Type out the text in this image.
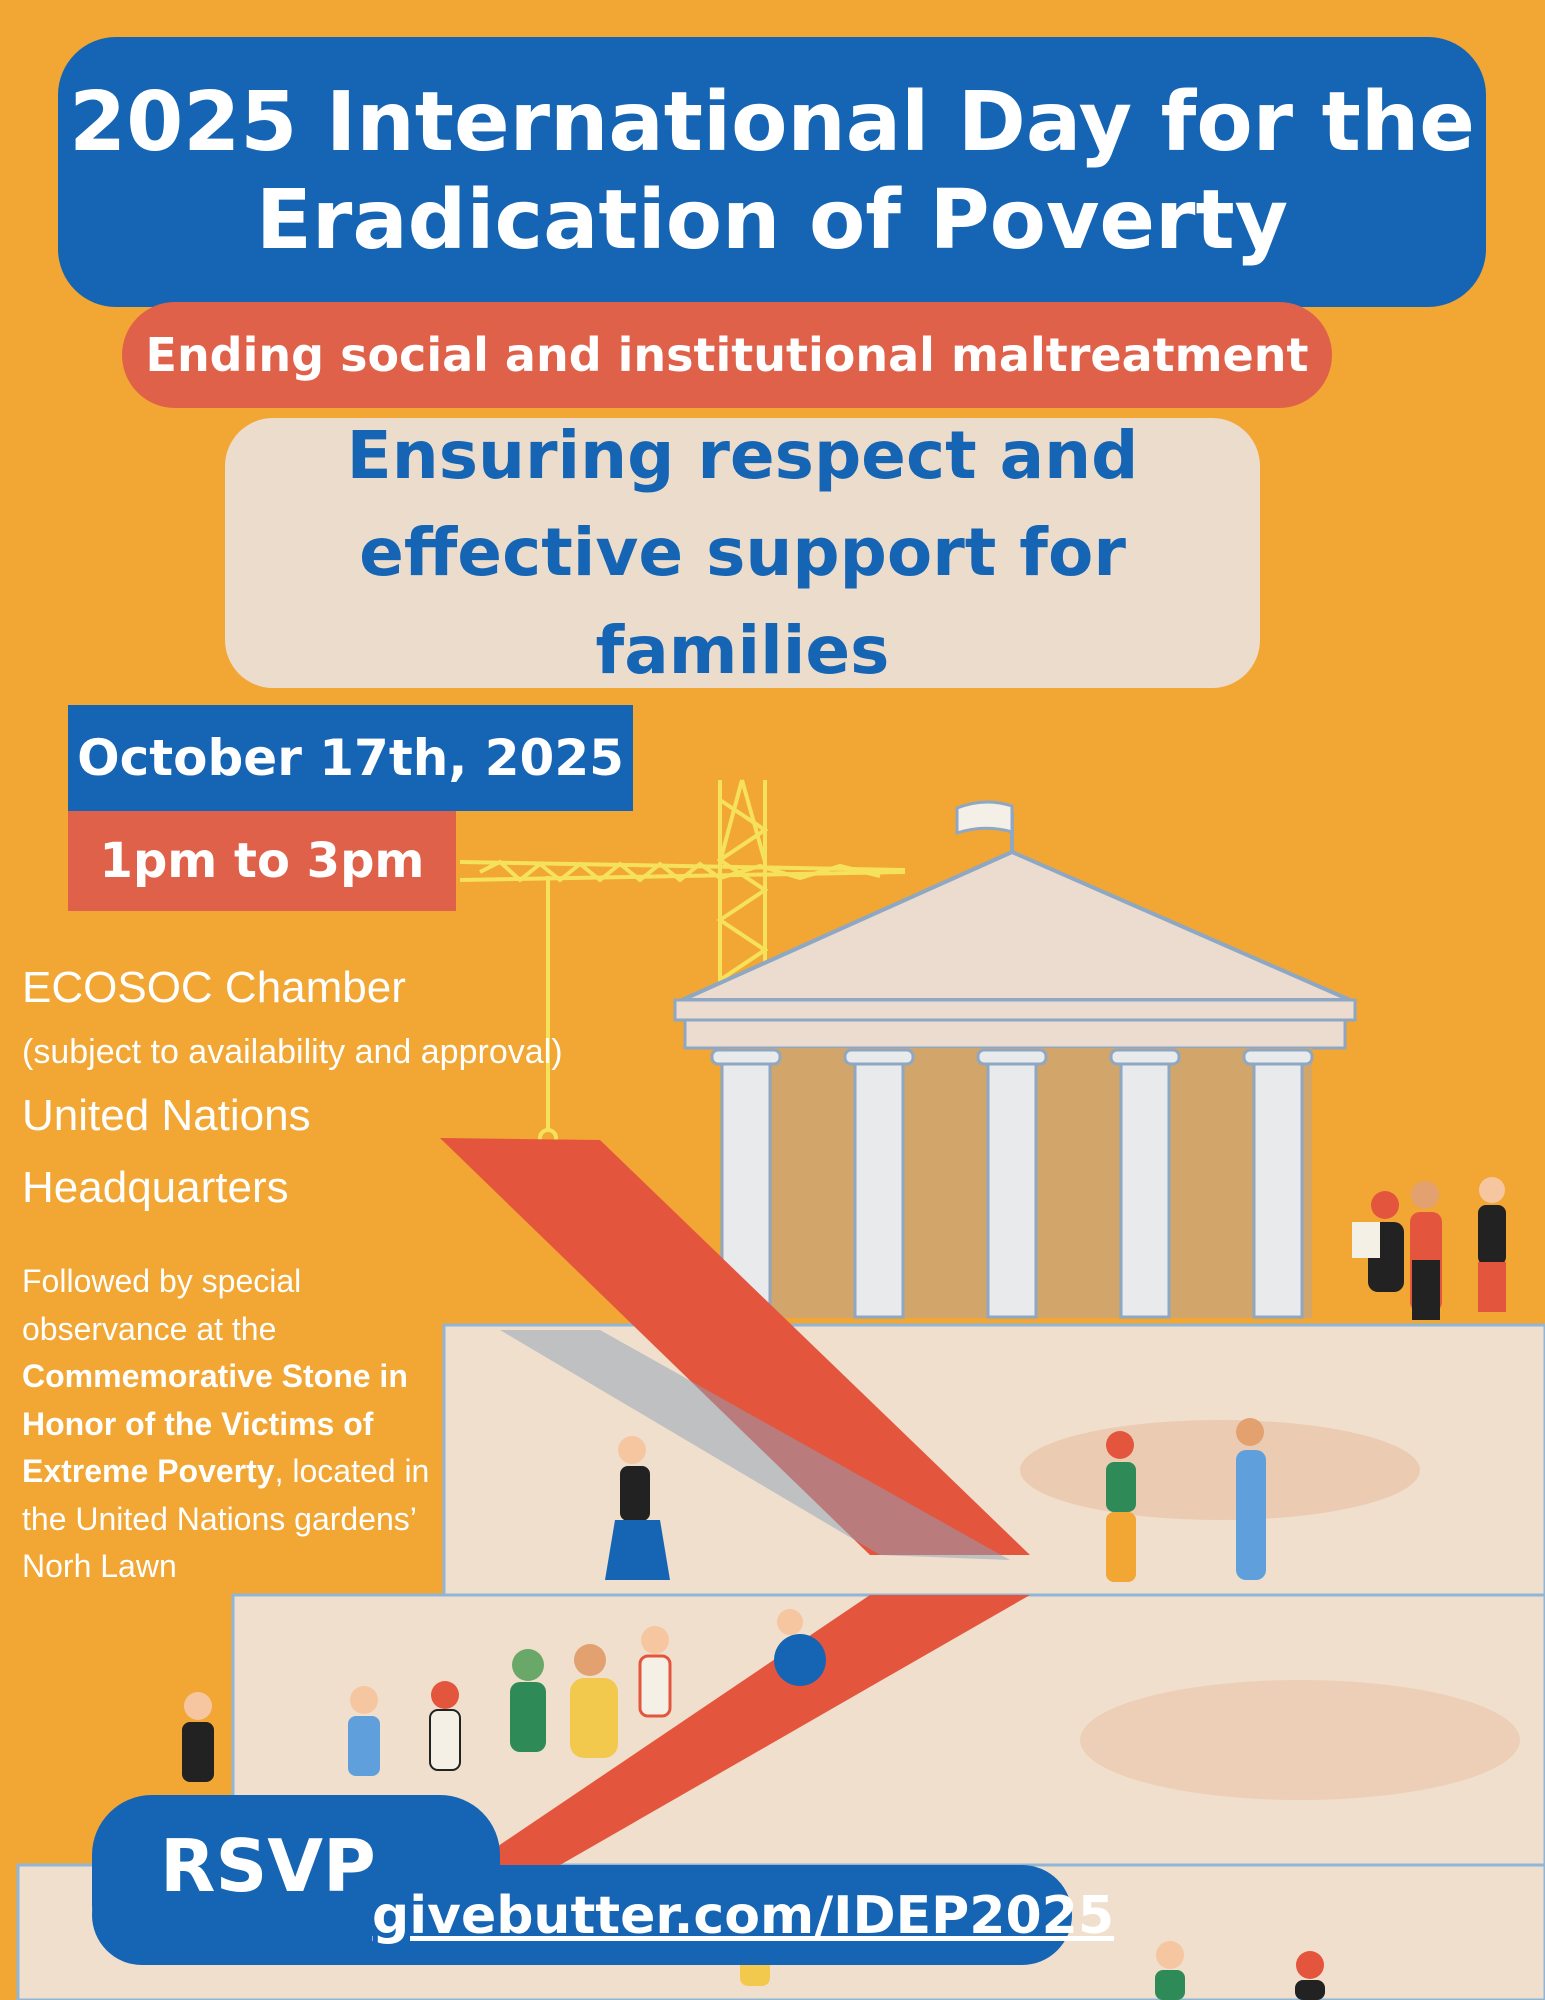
2025 International Day for the
Eradication of Poverty
Ending social and institutional maltreatment
Ensuring respect and
effective support for families
October 17th, 2025
1pm to 3pm
ECOSOC Chamber
(subject to availability and approval)
United Nations
Headquarters
Followed by special observance at the Commemorative Stone in Honor of the Victims of Extreme Poverty, located in the United Nations gardens’ Norh Lawn
RSVP
givebutter.com/IDEP2025
